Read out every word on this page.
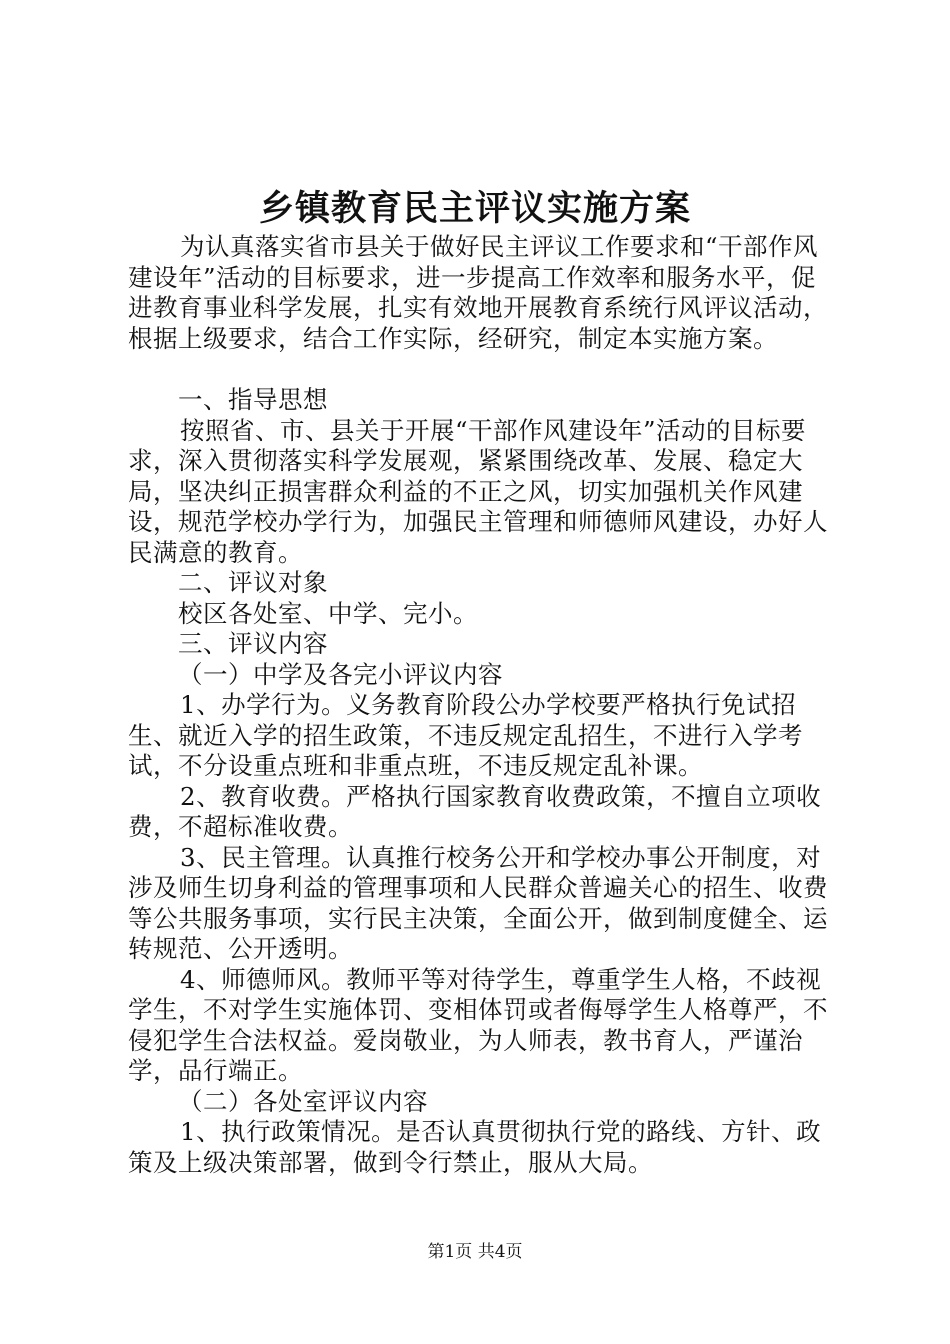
乡镇教育民主评议实施方案

为认真落实省市县关于做好民主评议工作要求和“干部作风建设年”活动的目标要求，进一步提高工作效率和服务水平，促进教育事业科学发展，扎实有效地开展教育系统行风评议活动，根据上级要求，结合工作实际，经研究，制定本实施方案。

一、指导思想

按照省、市、县关于开展“干部作风建设年”活动的目标要求，深入贯彻落实科学发展观，紧紧围绕改革、发展、稳定大局，坚决纠正损害群众利益的不正之风，切实加强机关作风建设，规范学校办学行为，加强民主管理和师德师风建设，办好人民满意的教育。

二、评议对象

校区各处室、中学、完小。

三、评议内容

（一）中学及各完小评议内容

1、办学行为。义务教育阶段公办学校要严格执行免试招生、就近入学的招生政策，不违反规定乱招生，不进行入学考试，不分设重点班和非重点班，不违反规定乱补课。

2、教育收费。严格执行国家教育收费政策，不擅自立项收费，不超标准收费。

3、民主管理。认真推行校务公开和学校办事公开制度，对涉及师生切身利益的管理事项和人民群众普遍关心的招生、收费等公共服务事项，实行民主决策，全面公开，做到制度健全、运转规范、公开透明。

4、师德师风。教师平等对待学生，尊重学生人格，不歧视学生，不对学生实施体罚、变相体罚或者侮辱学生人格尊严，不侵犯学生合法权益。爱岗敬业，为人师表，教书育人，严谨治学，品行端正。

（二）各处室评议内容

1、执行政策情况。是否认真贯彻执行党的路线、方针、政策及上级决策部署，做到令行禁止，服从大局。

第1页 共4页
